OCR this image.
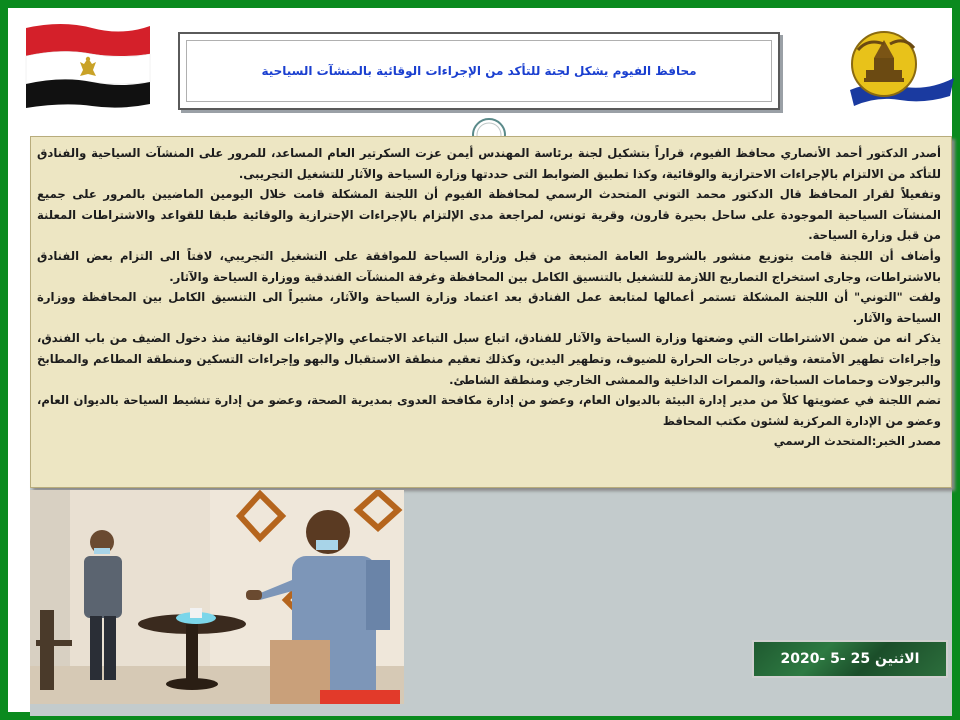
محافظ الفيوم يشكل لجنة للتأكد من الإجراءات الوقائية بالمنشآت السياحية

أصدر الدكتور أحمد الأنصاري محافظ الفيوم، قراراً بتشكيل لجنة برئاسة المهندس أيمن عزت السكرتير العام المساعد، للمرور على المنشآت السياحية والفنادق للتأكد من الالتزام بالإجراءات الاحترازية والوقائية، وكذا تطبيق الضوابط التى حددتها وزارة السياحة والآثار للتشغيل التجريبى.

وتفعيلاً لقرار المحافظ قال الدكتور محمد التوني المتحدث الرسمي لمحافظة الفيوم أن اللجنة المشكلة قامت خلال اليومين الماضيين بالمرور على جميع المنشآت السياحية الموجودة على ساحل بحيرة قارون، وقرية تونس، لمراجعة مدى الإلتزام بالإجراءات الإحترازية والوقائية طبقا للقواعد والاشتراطات المعلنة من قبل وزارة السياحة.

وأضاف أن اللجنة قامت بتوزيع منشور بالشروط العامة المتبعة من قبل وزارة السياحة للموافقة على التشغيل التجريبي، لافتاً الى التزام بعض الفنادق بالاشتراطات، وجارى استخراج التصاريح اللازمة للتشغيل بالتنسيق الكامل بين المحافظة وغرفة المنشآت الفندقية ووزارة السياحة والآثار.

ولفت "التوني" أن اللجنة المشكلة تستمر أعمالها لمتابعة عمل الفنادق بعد اعتماد وزارة السياحة والآثار، مشيراً الى التنسيق الكامل بين المحافظة ووزارة السياحة والآثار.

يذكر انه من ضمن الاشتراطات التي وضعتها وزارة السياحة والآثار للفنادق، اتباع سبل التباعد الاجتماعي والإجراءات الوقائية منذ دخول الضيف من باب الفندق، وإجراءات تطهير الأمتعة، وقياس درجات الحرارة للضيوف، وتطهير اليدين، وكذلك تعقيم منطقة الاستقبال والبهو وإجراءات التسكين ومنطقة المطاعم والمطابخ والبرجولات وحمامات السباحة، والممرات الداخلية والممشى الخارجي ومنطقة الشاطئ.

تضم اللجنة في عضويتها كلاً من مدير إدارة البيئة بالديوان العام، وعضو من إدارة مكافحة العدوى بمديرية الصحة، وعضو من إدارة تنشيط السياحة بالديوان العام، وعضو من الإدارة المركزية لشئون مكتب المحافظ

مصدر الخبر:المتحدث الرسمي

الاثنين 25 -5 -2020
